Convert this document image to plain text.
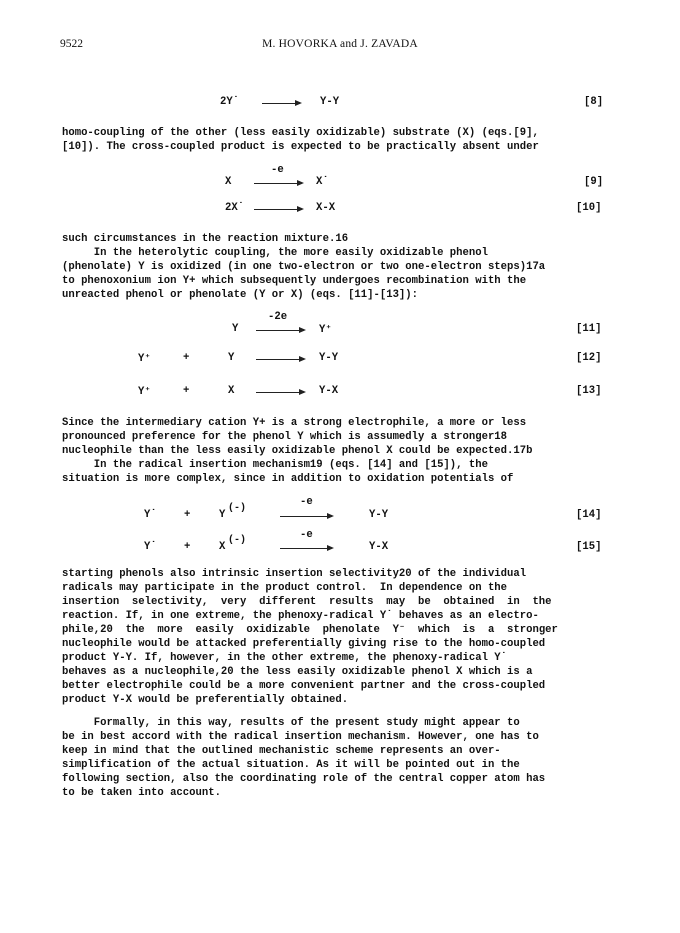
9522	M. HOVORKA and J. ZAVADA
2Y˙	Y-Y	[8]
homo-coupling of the other (less easily oxidizable) substrate (X) (eqs.[9],
[10]). The cross-coupled product is expected to be practically absent under
-e
X	X˙	[9]
2X˙	X-X	[10]
such circumstances in the reaction mixture.16
In the heterolytic coupling, the more easily oxidizable phenol
(phenolate) Y is oxidized (in one two-electron or two one-electron steps)17a
to phenoxonium ion Y+ which subsequently undergoes recombination with the
unreacted phenol or phenolate (Y or X) (eqs. [11]-[13]):
-2e
Y	Y⁺	[11]
Y⁺	+	Y	Y-Y	[12]
Y⁺	+	X	Y-X	[13]
Since the intermediary cation Y+ is a strong electrophile, a more or less
pronounced preference for the phenol Y which is assumedly a stronger18
nucleophile than the less easily oxidizable phenol X could be expected.17b
In the radical insertion mechanism19 (eqs. [14] and [15]), the
situation is more complex, since in addition to oxidation potentials of
-e
Y˙	+	Y
(-)
Y-Y	[14]
-e
Y˙	+	X
(-)
Y-X	[15]
starting phenols also intrinsic insertion selectivity20 of the individual
radicals may participate in the product control.  In dependence on the
insertion  selectivity,  very  different  results  may  be  obtained  in  the
reaction. If, in one extreme, the phenoxy-radical Y˙ behaves as an electro-
phile,20  the  more  easily  oxidizable  phenolate  Y⁻  which  is  a  stronger
nucleophile would be attacked preferentially giving rise to the homo-coupled
product Y-Y. If, however, in the other extreme, the phenoxy-radical Y˙
behaves as a nucleophile,20 the less easily oxidizable phenol X which is a
better electrophile could be a more convenient partner and the cross-coupled
product Y-X would be preferentially obtained.
Formally, in this way, results of the present study might appear to
be in best accord with the radical insertion mechanism. However, one has to
keep in mind that the outlined mechanistic scheme represents an over-
simplification of the actual situation. As it will be pointed out in the
following section, also the coordinating role of the central copper atom has
to be taken into account.
